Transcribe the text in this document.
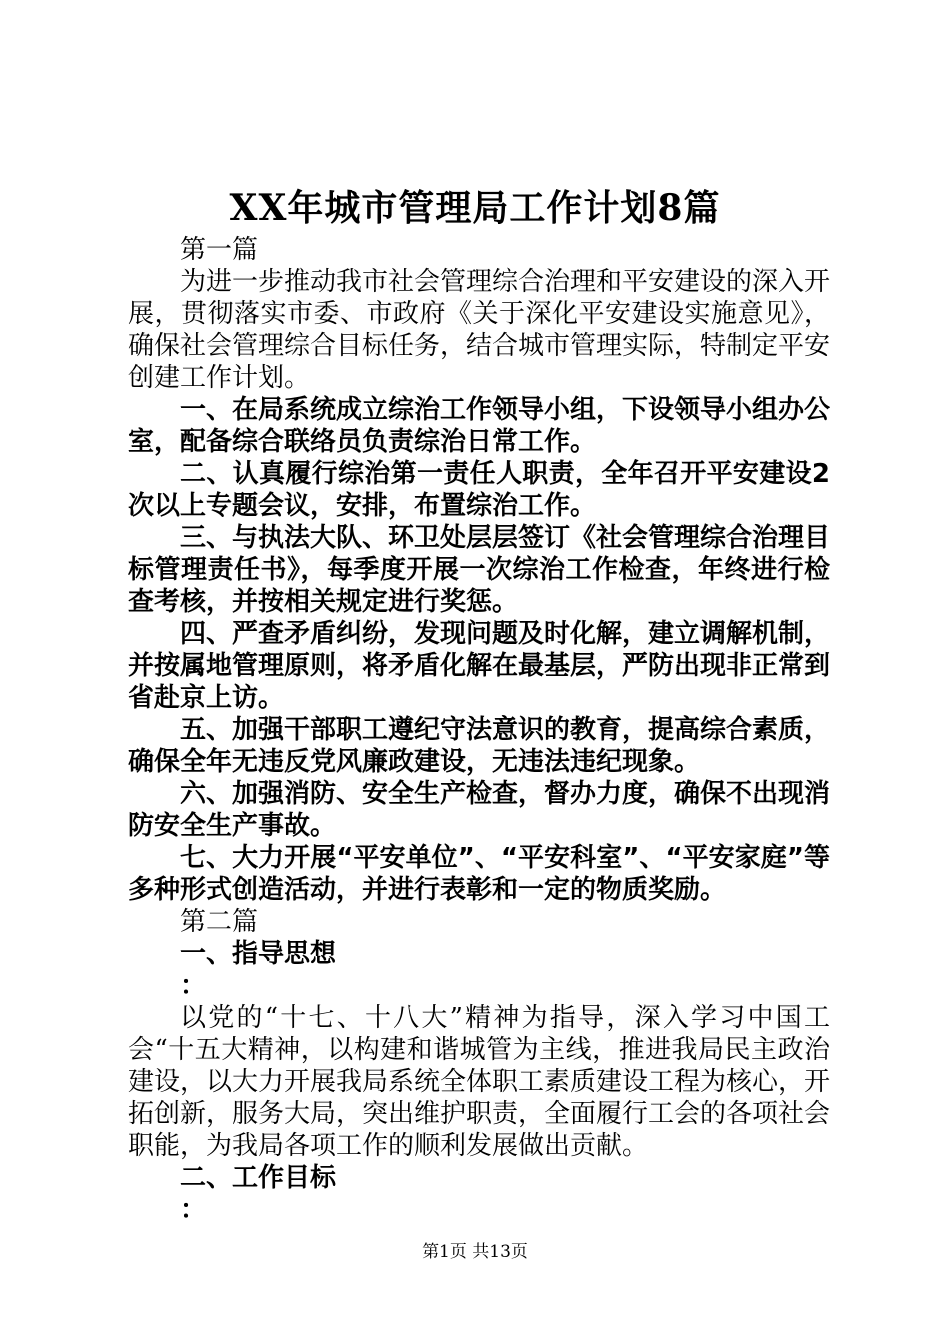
XX年城市管理局工作计划8篇

第一篇

为进一步推动我市社会管理综合治理和平安建设的深入开展，贯彻落实市委、市政府《关于深化平安建设实施意见》，确保社会管理综合目标任务，结合城市管理实际，特制定平安创建工作计划。

一、在局系统成立综治工作领导小组，下设领导小组办公室，配备综合联络员负责综治日常工作。

二、认真履行综治第一责任人职责，全年召开平安建设2次以上专题会议，安排，布置综治工作。

三、与执法大队、环卫处层层签订《社会管理综合治理目标管理责任书》，每季度开展一次综治工作检查，年终进行检查考核，并按相关规定进行奖惩。

四、严查矛盾纠纷，发现问题及时化解，建立调解机制，并按属地管理原则，将矛盾化解在最基层，严防出现非正常到省赴京上访。

五、加强干部职工遵纪守法意识的教育，提高综合素质，确保全年无违反党风廉政建设，无违法违纪现象。

六、加强消防、安全生产检查，督办力度，确保不出现消防安全生产事故。

七、大力开展“平安单位”、“平安科室”、“平安家庭”等多种形式创造活动，并进行表彰和一定的物质奖励。

第二篇

一、指导思想

：

以党的“十七、十八大”精神为指导，深入学习中国工会“十五大精神，以构建和谐城管为主线，推进我局民主政治建设，以大力开展我局系统全体职工素质建设工程为核心，开拓创新，服务大局，突出维护职责，全面履行工会的各项社会职能，为我局各项工作的顺利发展做出贡献。

二、工作目标

：

第1页 共13页
